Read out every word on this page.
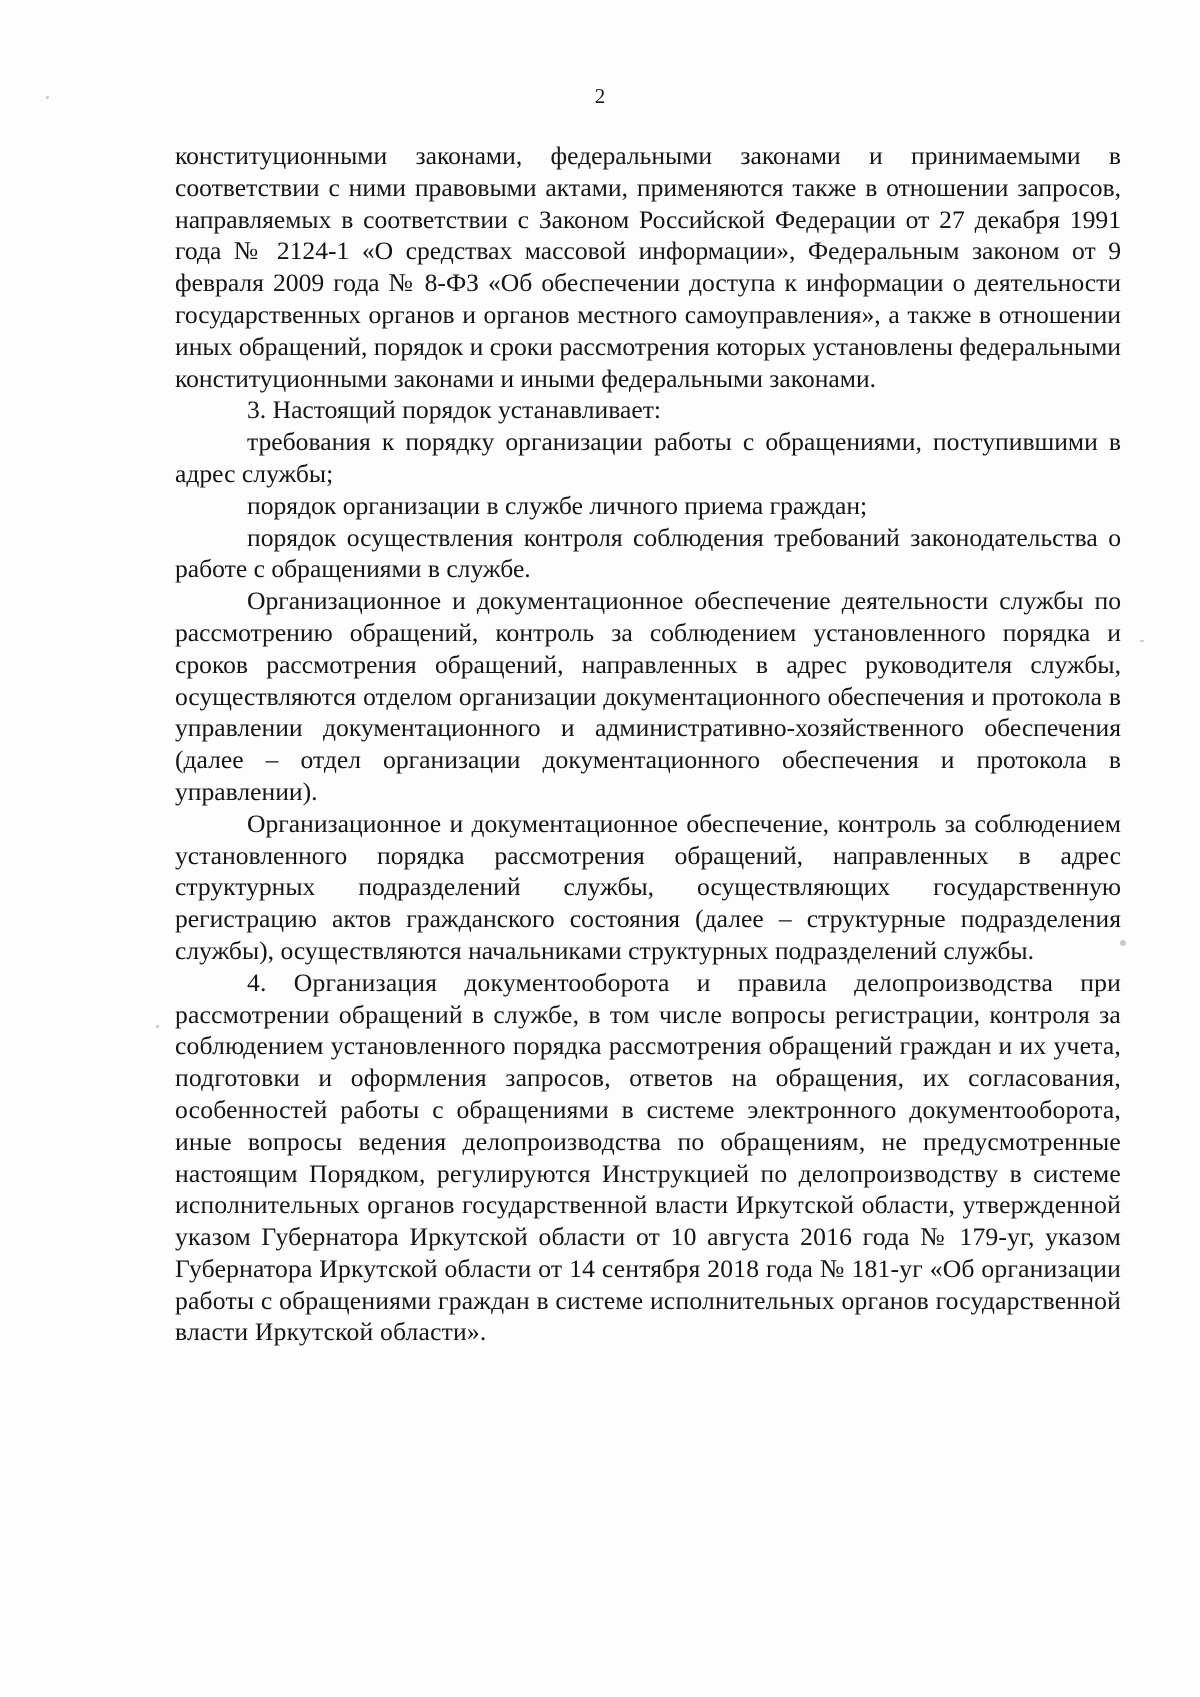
2

конституционными законами, федеральными законами и принимаемыми в соответствии с ними правовыми актами, применяются также в отношении запросов, направляемых в соответствии с Законом Российской Федерации от 27 декабря 1991 года № 2124-1 «О средствах массовой информации», Федеральным законом от 9 февраля 2009 года № 8-ФЗ «Об обеспечении доступа к информации о деятельности государственных органов и органов местного самоуправления», а также в отношении иных обращений, порядок и сроки рассмотрения которых установлены федеральными конституционными законами и иными федеральными законами.

3. Настоящий порядок устанавливает:

требования к порядку организации работы с обращениями, поступившими в адрес службы;

порядок организации в службе личного приема граждан;

порядок осуществления контроля соблюдения требований законодательства о работе с обращениями в службе.

Организационное и документационное обеспечение деятельности службы по рассмотрению обращений, контроль за соблюдением установленного порядка и сроков рассмотрения обращений, направленных в адрес руководителя службы, осуществляются отделом организации документационного обеспечения и протокола в управлении документационного и административно-хозяйственного обеспечения (далее – отдел организации документационного обеспечения и протокола в управлении).

Организационное и документационное обеспечение, контроль за соблюдением установленного порядка рассмотрения обращений, направленных в адрес структурных подразделений службы, осуществляющих государственную регистрацию актов гражданского состояния (далее – структурные подразделения службы), осуществляются начальниками структурных подразделений службы.

4. Организация документооборота и правила делопроизводства при рассмотрении обращений в службе, в том числе вопросы регистрации, контроля за соблюдением установленного порядка рассмотрения обращений граждан и их учета, подготовки и оформления запросов, ответов на обращения, их согласования, особенностей работы с обращениями в системе электронного документооборота, иные вопросы ведения делопроизводства по обращениям, не предусмотренные настоящим Порядком, регулируются Инструкцией по делопроизводству в системе исполнительных органов государственной власти Иркутской области, утвержденной указом Губернатора Иркутской области от 10 августа 2016 года № 179-уг, указом Губернатора Иркутской области от 14 сентября 2018 года № 181-уг «Об организации работы с обращениями граждан в системе исполнительных органов государственной власти Иркутской области».
